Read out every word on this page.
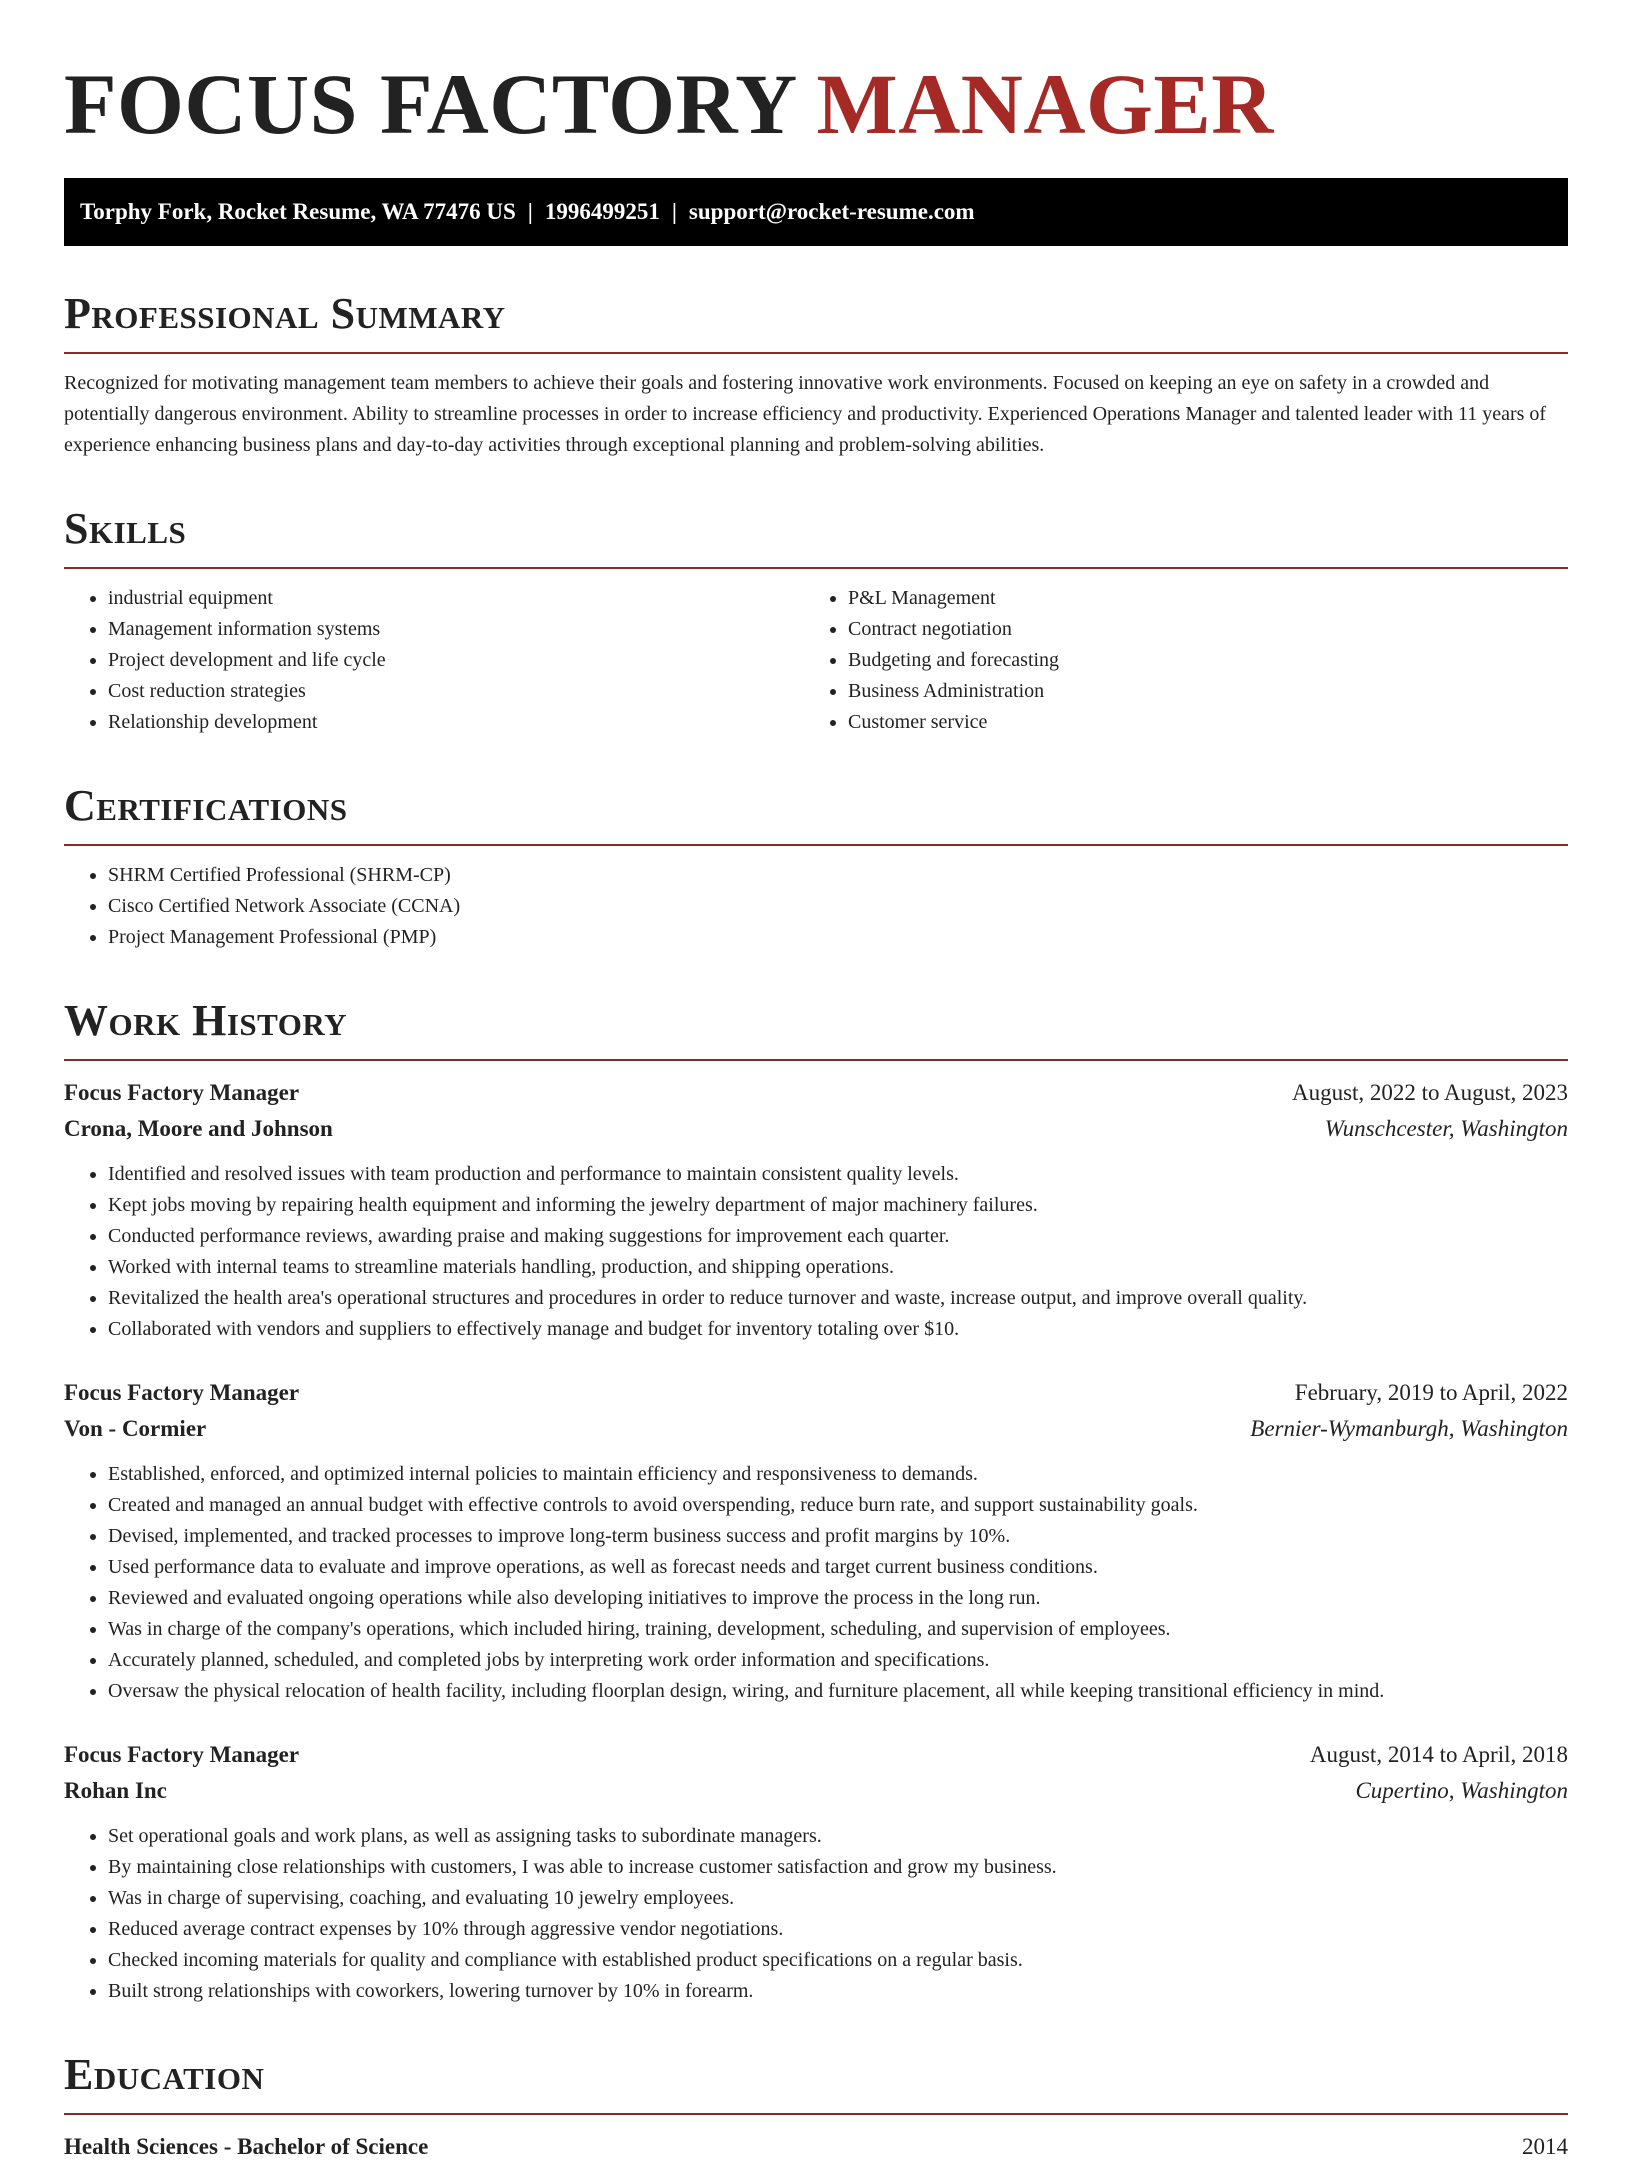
FOCUS FACTORY MANAGER
Torphy Fork, Rocket Resume, WA 77476 US | 1996499251 | support@rocket-resume.com
Professional Summary

Recognized for motivating management team members to achieve their goals and fostering innovative work environments. Focused on keeping an eye on safety in a crowded and potentially dangerous environment. Ability to streamline processes in order to increase efficiency and productivity. Experienced Operations Manager and talented leader with 11 years of experience enhancing business plans and day-to-day activities through exceptional planning and problem-solving abilities.

Skills
• industrial equipment
• Management information systems
• Project development and life cycle
• Cost reduction strategies
• Relationship development
• P&L Management
• Contract negotiation
• Budgeting and forecasting
• Business Administration
• Customer service
Certifications
• SHRM Certified Professional (SHRM-CP)
• Cisco Certified Network Associate (CCNA)
• Project Management Professional (PMP)
Work History
Focus Factory Manager	August, 2022 to August, 2023
Crona, Moore and Johnson	Wunschcester, Washington
• Identified and resolved issues with team production and performance to maintain consistent quality levels.
• Kept jobs moving by repairing health equipment and informing the jewelry department of major machinery failures.
• Conducted performance reviews, awarding praise and making suggestions for improvement each quarter.
• Worked with internal teams to streamline materials handling, production, and shipping operations.
• Revitalized the health area's operational structures and procedures in order to reduce turnover and waste, increase output, and improve overall quality.
• Collaborated with vendors and suppliers to effectively manage and budget for inventory totaling over $10.
Focus Factory Manager	February, 2019 to April, 2022
Von - Cormier	Bernier-Wymanburgh, Washington
• Established, enforced, and optimized internal policies to maintain efficiency and responsiveness to demands.
• Created and managed an annual budget with effective controls to avoid overspending, reduce burn rate, and support sustainability goals.
• Devised, implemented, and tracked processes to improve long-term business success and profit margins by 10%.
• Used performance data to evaluate and improve operations, as well as forecast needs and target current business conditions.
• Reviewed and evaluated ongoing operations while also developing initiatives to improve the process in the long run.
• Was in charge of the company's operations, which included hiring, training, development, scheduling, and supervision of employees.
• Accurately planned, scheduled, and completed jobs by interpreting work order information and specifications.
• Oversaw the physical relocation of health facility, including floorplan design, wiring, and furniture placement, all while keeping transitional efficiency in mind.
Focus Factory Manager	August, 2014 to April, 2018
Rohan Inc	Cupertino, Washington
• Set operational goals and work plans, as well as assigning tasks to subordinate managers.
• By maintaining close relationships with customers, I was able to increase customer satisfaction and grow my business.
• Was in charge of supervising, coaching, and evaluating 10 jewelry employees.
• Reduced average contract expenses by 10% through aggressive vendor negotiations.
• Checked incoming materials for quality and compliance with established product specifications on a regular basis.
• Built strong relationships with coworkers, lowering turnover by 10% in forearm.
Education
Health Sciences - Bachelor of Science	2014
